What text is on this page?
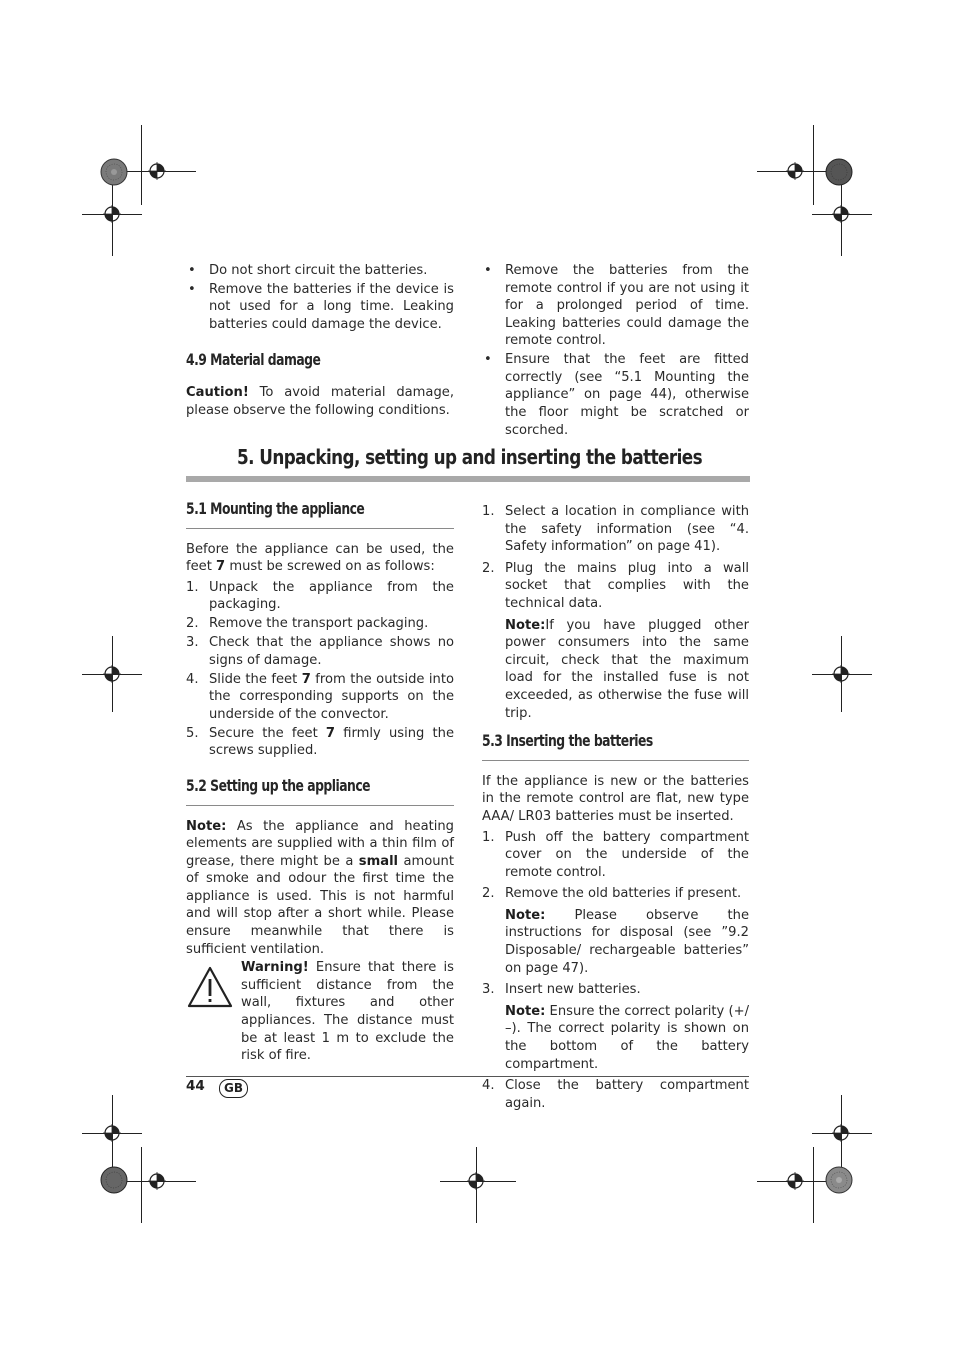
• Do not short circuit the batteries.
• Remove the batteries if the device is not used for a long time. Leaking batteries could damage the device.
4.9 Material damage

Caution! To avoid material damage, please observe the following conditions.

• Remove the batteries from the remote control if you are not using it for a prolonged period of time. Leaking batteries could damage the remote control.
• Ensure that the feet are fitted correctly (see “5.1 Mounting the appliance” on page 44), otherwise the floor might be scratched or scorched.
5. Unpacking, setting up and inserting the batteries
5.1 Mounting the appliance

Before the appliance can be used, the feet 7 must be screwed on as follows:

1. Unpack the appliance from the packaging.
2. Remove the transport packaging.
3. Check that the appliance shows no signs of damage.
4. Slide the feet 7 from the outside into the corresponding supports on the underside of the convector.
5. Secure the feet 7 firmly using the screws supplied.
5.2 Setting up the appliance

Note: As the appliance and heating elements are supplied with a thin film of grease, there might be a small amount of smoke and odour the first time the appliance is used. This is not harmful and will stop after a short while. Please ensure meanwhile that there is sufficient ventilation.

Warning! Ensure that there is sufficient distance from the wall, fixtures and other appliances. The distance must be at least 1 m to exclude the risk of fire.

1. Select a location in compliance with the safety information (see “4. Safety information” on page 41).
2. Plug the mains plug into a wall socket that complies with the technical data.

Note:If you have plugged other power consumers into the same circuit, check that the maximum load for the installed fuse is not exceeded, as otherwise the fuse will trip.

5.3 Inserting the batteries

If the appliance is new or the batteries in the remote control are flat, new type AAA/ LR03 batteries must be inserted.

1. Push off the battery compartment cover on the underside of the remote control.
2. Remove the old batteries if present.

Note: Please observe the instructions for disposal (see ”9.2 Disposable/ rechargeable batteries” on page 47).

3. Insert new batteries.

Note: Ensure the correct polarity (+/ –). The correct polarity is shown on the bottom of the battery compartment.

4. Close the battery compartment again.
44	GB
